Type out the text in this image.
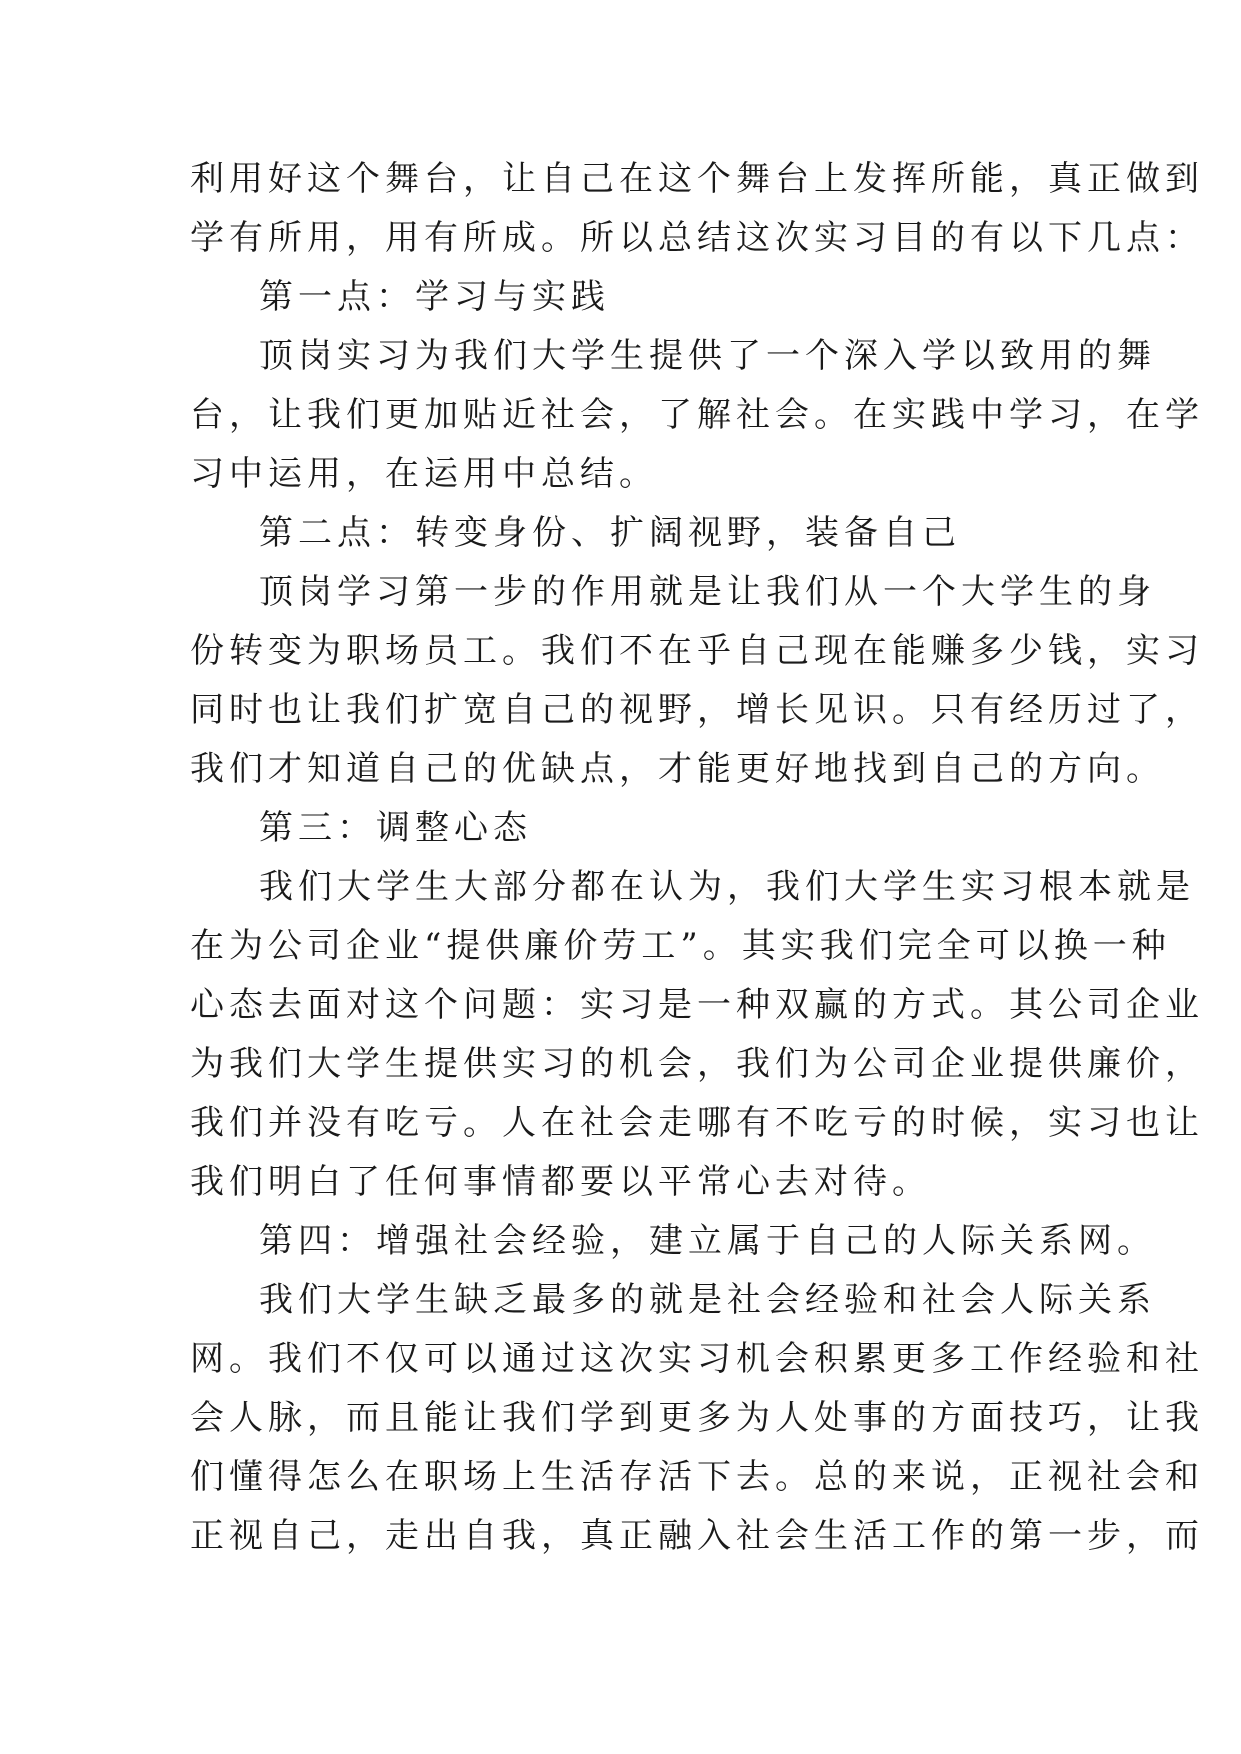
利用好这个舞台，让自己在这个舞台上发挥所能，真正做到
学有所用，用有所成。所以总结这次实习目的有以下几点：
第一点：学习与实践
顶岗实习为我们大学生提供了一个深入学以致用的舞
台，让我们更加贴近社会，了解社会。在实践中学习，在学
习中运用，在运用中总结。
第二点：转变身份、扩阔视野，装备自己
顶岗学习第一步的作用就是让我们从一个大学生的身
份转变为职场员工。我们不在乎自己现在能赚多少钱，实习
同时也让我们扩宽自己的视野，增长见识。只有经历过了，
我们才知道自己的优缺点，才能更好地找到自己的方向。
第三：调整心态
我们大学生大部分都在认为，我们大学生实习根本就是
在为公司企业“提供廉价劳工”。其实我们完全可以换一种
心态去面对这个问题：实习是一种双赢的方式。其公司企业
为我们大学生提供实习的机会，我们为公司企业提供廉价，
我们并没有吃亏。人在社会走哪有不吃亏的时候，实习也让
我们明白了任何事情都要以平常心去对待。
第四：增强社会经验，建立属于自己的人际关系网。
我们大学生缺乏最多的就是社会经验和社会人际关系
网。我们不仅可以通过这次实习机会积累更多工作经验和社
会人脉，而且能让我们学到更多为人处事的方面技巧，让我
们懂得怎么在职场上生活存活下去。总的来说，正视社会和
正视自己，走出自我，真正融入社会生活工作的第一步，而
